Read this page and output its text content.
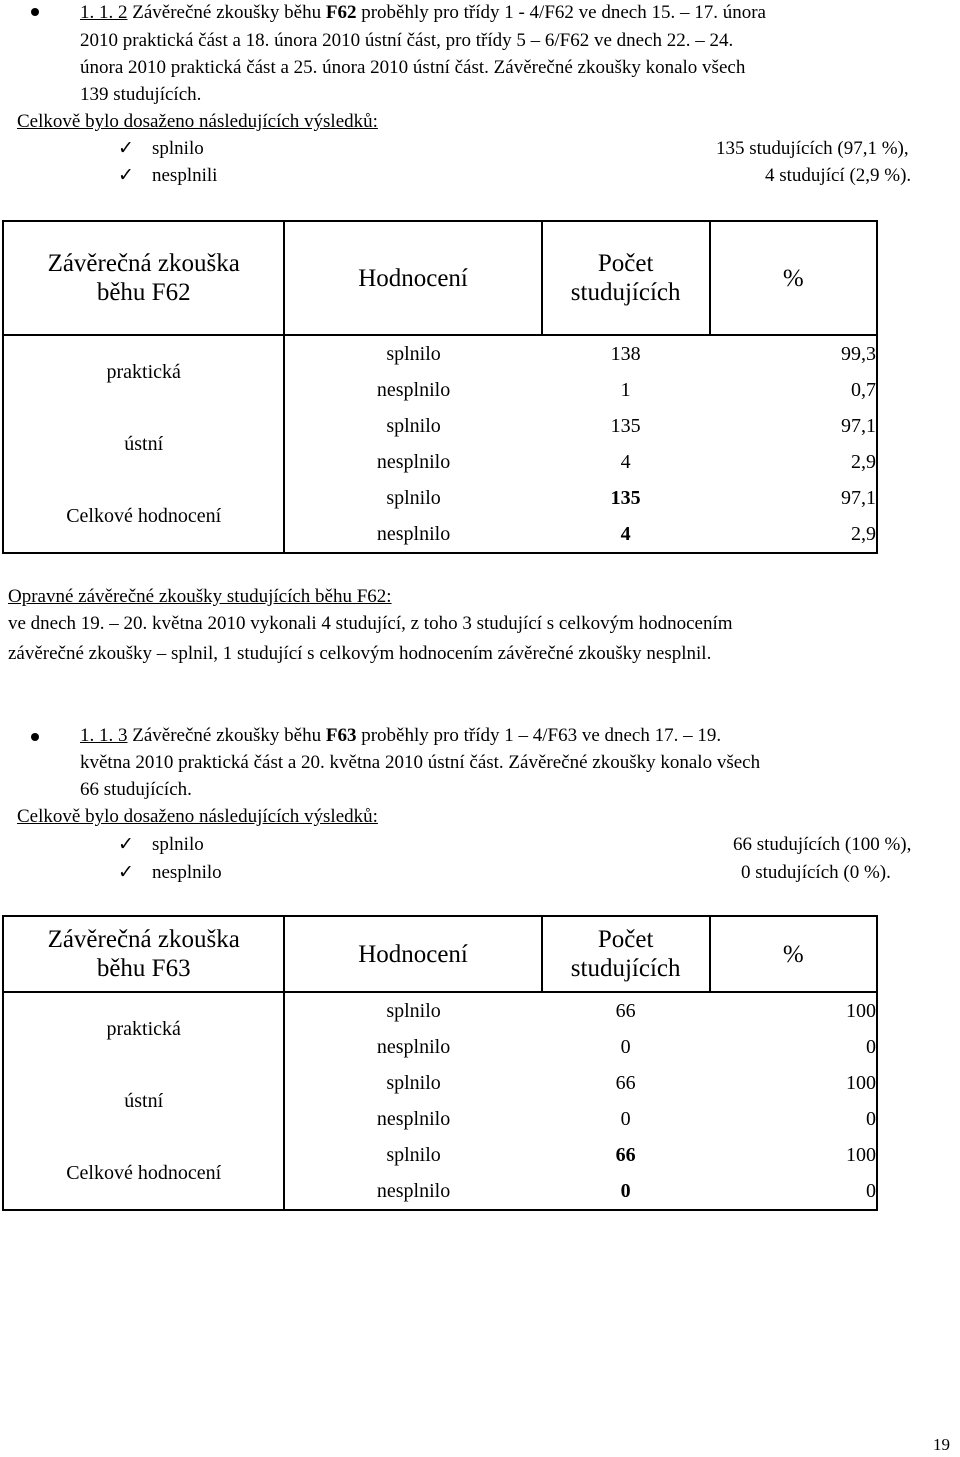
1. 1. 2 Závěrečné zkoušky běhu F62 proběhly pro třídy 1 - 4/F62 ve dnech 15. – 17. února
2010 praktická část a 18. února 2010 ústní část, pro třídy 5 – 6/F62 ve dnech 22. – 24.
února 2010 praktická část a 25. února 2010 ústní část. Závěrečné zkoušky konalo všech
139 studujících.
Celkově bylo dosaženo následujících výsledků:
✓ splnilo	135 studujících (97,1 %),
✓ nesplnili	4 studující (2,9 %).
Závěrečná zkouška běhu F62	Hodnocení	Počet studujících	%
praktická	splnilo	138	99,3
	nesplnilo	1	0,7
ústní	splnilo	135	97,1
	nesplnilo	4	2,9
Celkové hodnocení	splnilo	135	97,1
	nesplnilo	4	2,9
Opravné závěrečné zkoušky studujících běhu F62:
ve dnech 19. – 20. května 2010 vykonali 4 studující, z toho 3 studující s celkovým hodnocením
závěrečné zkoušky – splnil, 1 studující s celkovým hodnocením závěrečné zkoušky nesplnil.
1. 1. 3 Závěrečné zkoušky běhu F63 proběhly pro třídy 1 – 4/F63 ve dnech 17. – 19.
května 2010 praktická část a 20. května 2010 ústní část. Závěrečné zkoušky konalo všech
66 studujících.
Celkově bylo dosaženo následujících výsledků:
✓ splnilo	66 studujících (100 %),
✓ nesplnilo	0 studujících (0 %).
Závěrečná zkouška běhu F63	Hodnocení	Počet studujících	%
praktická	splnilo	66	100
	nesplnilo	0	0
ústní	splnilo	66	100
	nesplnilo	0	0
Celkové hodnocení	splnilo	66	100
	nesplnilo	0	0
19
